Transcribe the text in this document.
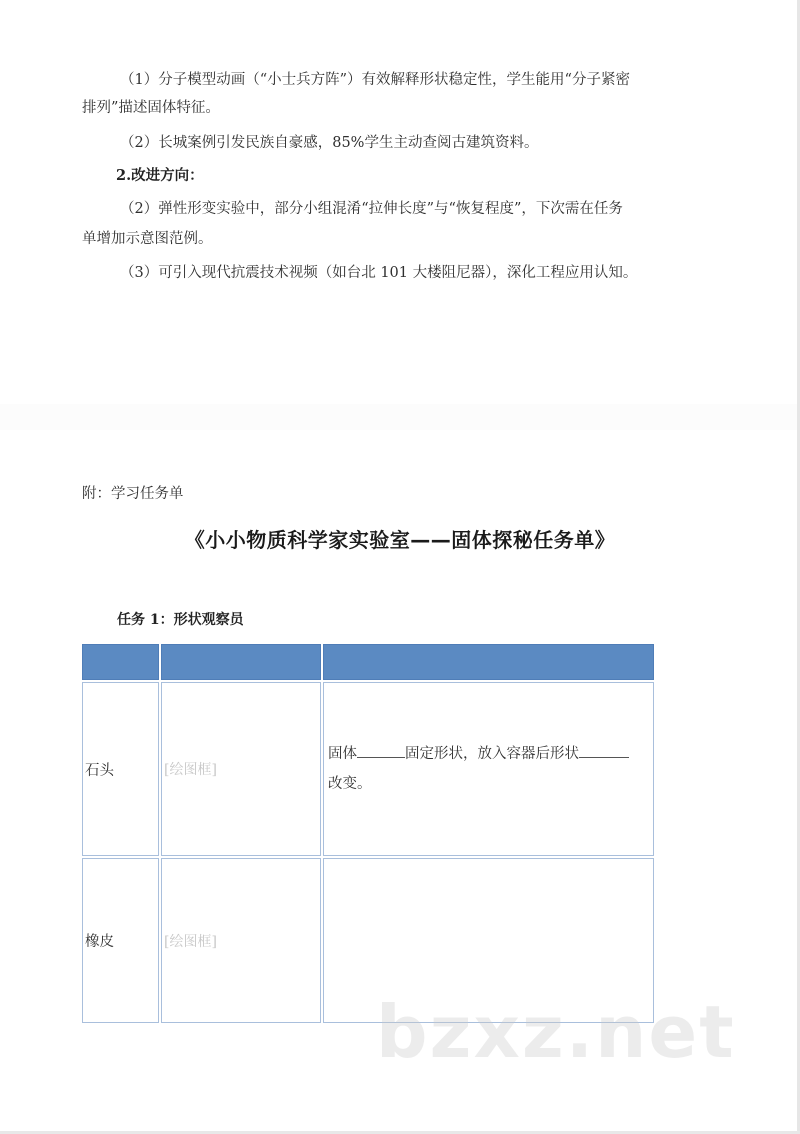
（1）分子模型动画（“小士兵方阵”）有效解释形状稳定性，学生能用“分子紧密
排列”描述固体特征。
（2）长城案例引发民族自豪感，85%学生主动查阅古建筑资料。
2.改进方向：
（2）弹性形变实验中，部分小组混淆“拉伸长度”与“恢复程度”，下次需在任务
单增加示意图范例。
（3）可引入现代抗震技术视频（如台北 101 大楼阻尼器），深化工程应用认知。
附：学习任务单
《小小物质科学家实验室——固体探秘任务单》
任务 1：形状观察员

石头	[绘图框]	固体 固定形状，放入容器后形状
改变。

橡皮	[绘图框]	
bzxz.net
